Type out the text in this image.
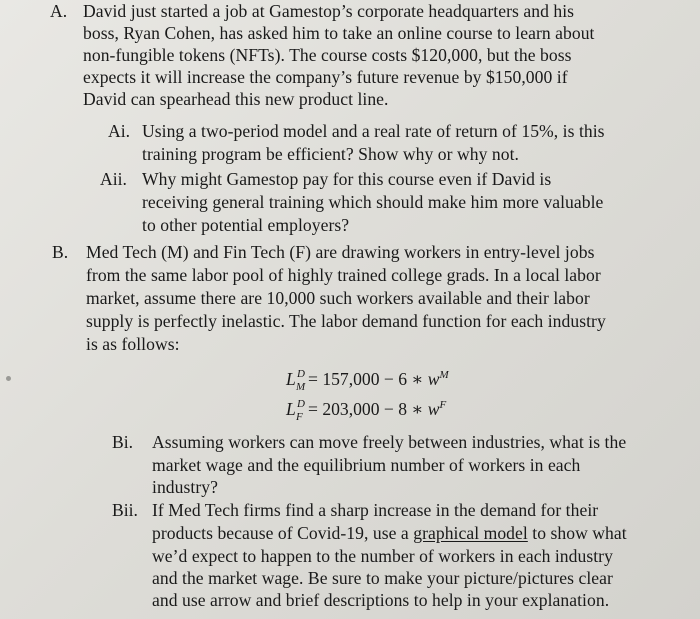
A. David just started a job at Gamestop’s corporate headquarters and his
boss, Ryan Cohen, has asked him to take an online course to learn about
non-fungible tokens (NFTs). The course costs $120,000, but the boss
expects it will increase the company’s future revenue by $150,000 if
David can spearhead this new product line.
Ai. Using a two-period model and a real rate of return of 15%, is this
training program be efficient? Show why or why not.
Aii. Why might Gamestop pay for this course even if David is
receiving general training which should make him more valuable
to other potential employers?
B. Med Tech (M) and Fin Tech (F) are drawing workers in entry-level jobs
from the same labor pool of highly trained college grads. In a local labor
market, assume there are 10,000 such workers available and their labor
supply is perfectly inelastic. The labor demand function for each industry
is as follows:
L D
M = 157,000 − 6 ∗ $w^M$
L D
F = 203,000 − 8 ∗ $w^F$
Bi. Assuming workers can move freely between industries, what is the
market wage and the equilibrium number of workers in each
industry?
Bii. If Med Tech firms find a sharp increase in the demand for their
products because of Covid-19, use a graphical model to show what
we’d expect to happen to the number of workers in each industry
and the market wage. Be sure to make your picture/pictures clear
and use arrow and brief descriptions to help in your explanation.
